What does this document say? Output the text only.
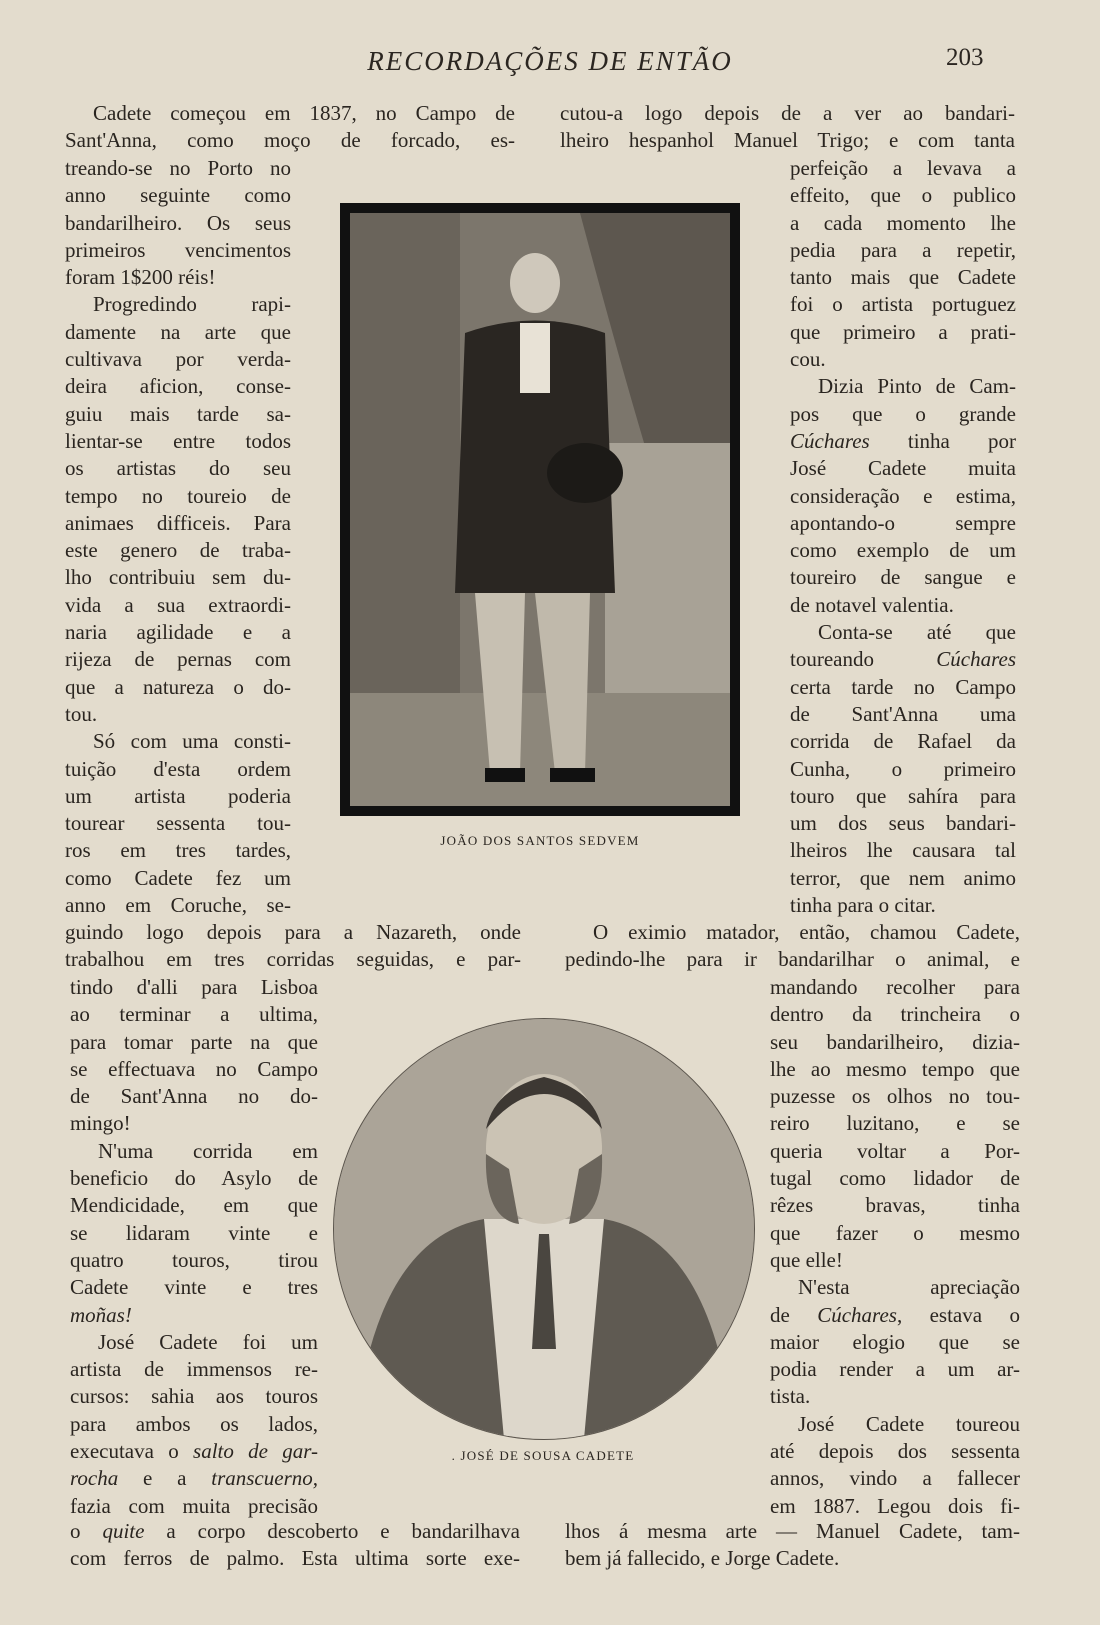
RECORDAÇÕES DE ENTÃO	203
Cadete começou em 1837, no Campo de
Sant'Anna, como moço de forcado, es-
treando-se no Porto no
anno seguinte como
bandarilheiro. Os seus
primeiros vencimentos
foram 1$200 réis!
Progredindo rapi-
damente na arte que
cultivava por verda-
deira aficion, conse-
guiu mais tarde sa-
lientar-se entre todos
os artistas do seu
tempo no toureio de
animaes difficeis. Para
este genero de traba-
lho contribuiu sem du-
vida a sua extraordi-
naria agilidade e a
rijeza de pernas com
que a natureza o do-
tou.
Só com uma consti-
tuição d'esta ordem
um artista poderia
tourear sessenta tou-
ros em tres tardes,
como Cadete fez um
anno em Coruche, se-
guindo logo depois para a Nazareth, onde
trabalhou em tres corridas seguidas, e par-
tindo d'alli para Lisboa
ao terminar a ultima,
para tomar parte na que
se effectuava no Campo
de Sant'Anna no do-
mingo!
N'uma corrida em
beneficio do Asylo de
Mendicidade, em que
se lidaram vinte e
quatro touros, tirou
Cadete vinte e tres
moñas!
José Cadete foi um
artista de immensos re-
cursos: sahia aos touros
para ambos os lados,
executava o salto de gar-
rocha e a transcuerno,
fazia com muita precisão
o quite a corpo descoberto e bandarilhava
com ferros de palmo. Esta ultima sorte exe-
cutou-a logo depois de a ver ao bandari-
lheiro hespanhol Manuel Trigo; e com tanta
perfeição a levava a
effeito, que o publico
a cada momento lhe
pedia para a repetir,
tanto mais que Cadete
foi o artista portuguez
que primeiro a prati-
cou.
Dizia Pinto de Cam-
pos que o grande
Cúchares tinha por
José Cadete muita
consideração e estima,
apontando-o sempre
como exemplo de um
toureiro de sangue e
de notavel valentia.
Conta-se até que
toureando Cúchares
certa tarde no Campo
de Sant'Anna uma
corrida de Rafael da
Cunha, o primeiro
touro que sahíra para
um dos seus bandari-
lheiros lhe causara tal
terror, que nem animo
tinha para o citar.
O eximio matador, então, chamou Cadete,
pedindo-lhe para ir bandarilhar o animal, e
mandando recolher para
dentro da trincheira o
seu bandarilheiro, dizia-
lhe ao mesmo tempo que
puzesse os olhos no tou-
reiro luzitano, e se
queria voltar a Por-
tugal como lidador de
rêzes bravas, tinha
que fazer o mesmo
que elle!
N'esta apreciação
de Cúchares, estava o
maior elogio que se
podia render a um ar-
tista.
José Cadete toureou
até depois dos sessenta
annos, vindo a fallecer
em 1887. Legou dois fi-
lhos á mesma arte — Manuel Cadete, tam-
bem já fallecido, e Jorge Cadete.
JOÃO DOS SANTOS SEDVEM
. JOSÉ DE SOUSA CADETE
